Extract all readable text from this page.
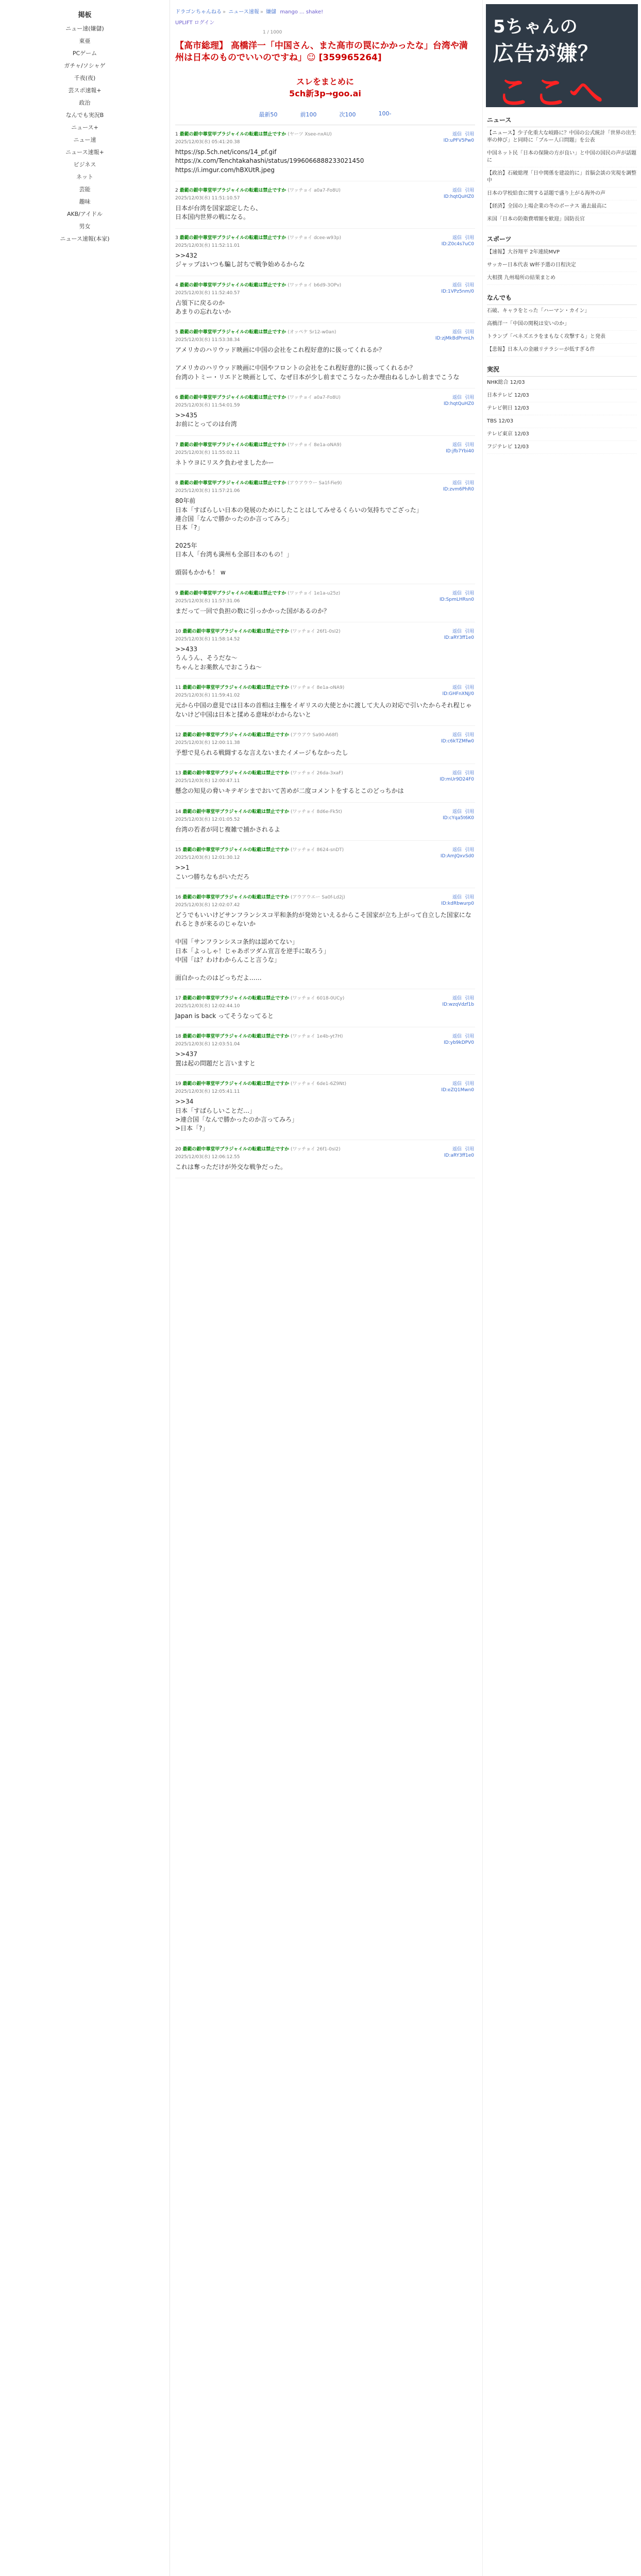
掲板
ニュー速(嫌儲)
東亜
PCゲーム
ガチャ/ソシャゲ
千夜(夜)
芸スポ速報+
政治
なんでも実況B
ニュース+
ニュー速
ニュース速報+
ビジネス
ネット
芸能
趣味
AKB/アイドル
男女
ニュース速報(本家)
ドラゴンちゃんねる » ニュース速報 » 嫌儲 mango ... shake!
UPLIFT ログイン
1 / 1000
【高市総理】 高橋洋一「中国さん、また高市の罠にかかったな」台湾や満州は日本のものでいいのですね」☺ [359965264]
スレをまとめに
5ch新3p→goo.ai
最新50	前100	次100	100-
1 最範の銀中尊堂甲ブラジャイルの転載は禁止ですか (ヤーツ Xsee-nxAU)
2025/12/03(水) 05:41:20.38
返信 引用
ID:uPFV5Pw0
https://sp.5ch.net/icons/14_pf.gif
https://x.com/Tenchtakahashi/status/1996066888233021450
https://i.imgur.com/hBXUtR.jpeg
2 最範の銀中尊堂甲ブラジャイルの転載は禁止ですか (ワッチョイ a0a7-Fo8U)
2025/12/03(水) 11:51:10.57
返信 引用
ID:hqtQuHZ0
日本が台湾を国家認定したら、
日本国内世界の戦になる。
3 最範の銀中尊堂甲ブラジャイルの転載は禁止ですか (ワッチョイ dcee-w93p)
2025/12/03(水) 11:52:11.01
返信 引用
ID:Z0c4s7uC0
>>432
ジャップはいつも騙し討ちで戦争始めるからな
4 最範の銀中尊堂甲ブラジャイルの転載は禁止ですか (ワッチョイ b6d9-3OPv)
2025/12/03(水) 11:52:40.57
返信 引用
ID:1VPz5nm/0
占領下に戻るのか
あまりの忘れないか
5 最範の銀中尊堂甲ブラジャイルの転載は禁止ですか (オッペケ Sr12-w0an)
2025/12/03(水) 11:53:38.34
返信 引用
ID:zjMkBdPnmLh
アメリカのハリウッド映画に中国の会社をこれ程好意的に扱ってくれるか？

アメリカのハリウッド映画に中国やフロントの会社をこれ程好意的に扱ってくれるか？
台湾のトミー・リエドと映画として、なぜ日本が少し前までこうなったか理由ねるしかし前までこうな
6 最範の銀中尊堂甲ブラジャイルの転載は禁止ですか (ワッチョイ a0a7-Fo8U)
2025/12/03(水) 11:54:01.59
返信 引用
ID:hqtQuHZ0
>>435
お前にとってのは台湾
7 最範の銀中尊堂甲ブラジャイルの転載は禁止ですか (ワッチョイ 8e1a-oNA9)
2025/12/03(水) 11:55:02.11
返信 引用
ID:jfb7Ybi40
ネトウヨにリスク負わせましたかー
8 最範の銀中尊堂甲ブラジャイルの転載は禁止ですか (アウアウウー Sa1f-Fie9)
2025/12/03(水) 11:57:21.06
返信 引用
ID:zvm6PhR0
80年前
日本「すばらしい日本の発展のためにしたことはしてみせるくらいの気持ちでござった」
連合国「なんで勝かったのか言ってみろ」
日本「?」

2025年
日本人「台湾も満州も全部日本のもの！」

頭弱もかかも！ w
9 最範の銀中尊堂甲ブラジャイルの転載は禁止ですか (ワッチョイ 1e1a-u25z)
2025/12/03(水) 11:57:31.06
返信 引用
ID:SpmLHRsn0
まだって一回で負担の数に引っかかった国があるのか？
10 最範の銀中尊堂甲ブラジャイルの転載は禁止ですか (ワッチョイ 26f1-0sI2)
2025/12/03(水) 11:58:14.52
返信 引用
ID:aRY3ff1e0
>>433
うんうん、そうだな～
ちゃんとお薬飲んでおこうね～
11 最範の銀中尊堂甲ブラジャイルの転載は禁止ですか (ワッチョイ 8e1a-oNA9)
2025/12/03(水) 11:59:41.02
返信 引用
ID:GHFnXNJ/0
元から中国の意見では日本の首相は主権をイギリスの大使とかに渡して大人の対応で引いたからそれ程じゃないけど中国は日本と揉める意味がわからないと
12 最範の銀中尊堂甲ブラジャイルの転載は禁止ですか (アウアウ Sa90-A68f)
2025/12/03(水) 12:00:11.38
返信 引用
ID:c6kTZMfw0
予想で見られる戦闘するな言えないまたイメージもなかったし
13 最範の銀中尊堂甲ブラジャイルの転載は禁止ですか (ワッチョイ 26da-3xaF)
2025/12/03(水) 12:00:47.11
返信 引用
ID:mUr9D24F0
懸念の知見の脅いキテギシまでおいて苦めが二度コメントをするとこのどっちかは
14 最範の銀中尊堂甲ブラジャイルの転載は禁止ですか (ワッチョイ 8d6e-Fk5t)
2025/12/03(水) 12:01:05.52
返信 引用
ID:cYqa5t6K0
台湾の若者が同じ複雑で捕かされるよ
15 最範の銀中尊堂甲ブラジャイルの転載は禁止ですか (ワッチョイ 8624-snDT)
2025/12/03(水) 12:01:30.12
返信 引用
ID:AmJQxvSd0
>>1
こいつ勝ちなもがいただろ
16 最範の銀中尊堂甲ブラジャイルの転載は禁止ですか (アウアウエー Sa0f-Ld2j)
2025/12/03(水) 12:02:07.42
返信 引用
ID:kdRbwurp0
どうでもいいけどサンフランシスコ平和条約が発効といえるからこそ国家が立ち上がって自立した国家になれるときが来るのじゃないか

中国「サンフランシスコ条約は認めてない」
日本「よっしゃ！じゃあポツダム宣言を逆手に取ろう」
中国「は？わけわからんこと言うな」

面白かったのはどっちだよ……
17 最範の銀中尊堂甲ブラジャイルの転載は禁止ですか (ワッチョイ 6018-0UCy)
2025/12/03(水) 12:02:44.10
返信 引用
ID:wzqVdzf1b
Japan is back ってそうなってると
18 最範の銀中尊堂甲ブラジャイルの転載は禁止ですか (ワッチョイ 1e4b-yt7H)
2025/12/03(水) 12:03:51.04
返信 引用
ID:yb9kDPV0
>>437
置は起の問題だと言いますと
19 最範の銀中尊堂甲ブラジャイルの転載は禁止ですか (ワッチョイ 6de1-6Z9Nt)
2025/12/03(水) 12:05:41.11
返信 引用
ID:eZQ1Mwn0
>>34
日本「すばらしいことだ…」
>連合国「なんで勝かったのか言ってみろ」
>日本「?」
20 最範の銀中尊堂甲ブラジャイルの転載は禁止ですか (ワッチョイ 26f1-0sI2)
2025/12/03(水) 12:06:12.55
返信 引用
ID:aRY3ff1e0
これは奪っただけが外交な戦争だった。
5ちゃんの
広告が嫌？
ここへ
ニュース
【ニュース】少子化重大な岐路に？中国の公式統計「世界の出生率の伸び」と同時に「ブルー人口問題」を公表
中国ネット民「日本の保険の方が良い」と中国の国民の声が話題に
【政治】石破総理「日中関係を建設的に」首脳会談の実現を調整中
日本の学校給食に関する話題で盛り上がる海外の声
【経済】全国の上場企業の冬のボーナス 過去最高に
米国「日本の防衛費増額を歓迎」国防長官
スポーツ
【速報】大谷翔平 2年連続MVP
サッカー日本代表 W杯予選の日程決定
大相撲 九州場所の結果まとめ
なんでも
石破、キャラをとった「ハーマン・カイン」
高橋洋一「中国の関税は安いのか」
トランプ「ベネズエラをまもなく攻撃する」と発表
【悲報】日本人の金融リテラシーが低すぎる件
実況
NHK総合 12/03
日本テレビ 12/03
テレビ朝日 12/03
TBS 12/03
テレビ東京 12/03
フジテレビ 12/03
